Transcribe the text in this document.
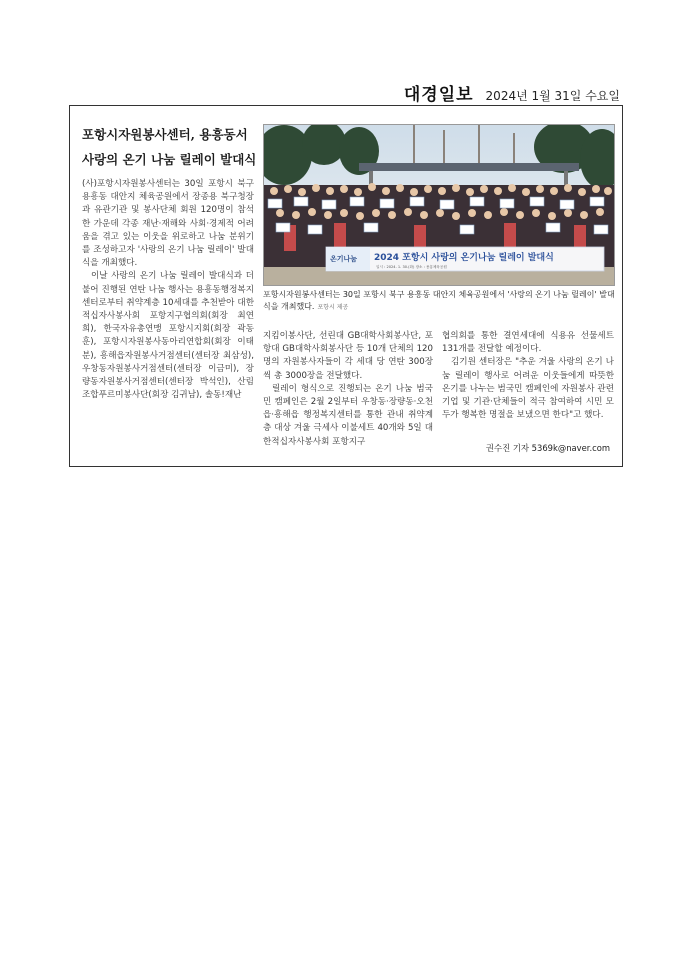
대경일보 2024년 1월 31일 수요일
포항시자원봉사센터, 용흥동서
사랑의 온기 나눔 릴레이 발대식
온기나눔 2024 포항시 사랑의 온기나눔 릴레이 발대식
일시 : 2024. 1. 30.(화) 장소 : 용흥체육공원
포항시자원봉사센터는 30일 포항시 북구 용흥동 대안지 체육공원에서 '사랑의 온기 나눔 릴레이' 발대식을 개최했다. 포항시 제공

(사)포항시자원봉사센터는 30일 포항시 북구 용흥동 대안지 체육공원에서 장종용 북구청장과 유관기관 및 봉사단체 회원 120명이 참석한 가운데 각종 재난·재해와 사회·경제적 어려움을 겪고 있는 이웃을 위로하고 나눔 분위기를 조성하고자 '사랑의 온기 나눔 릴레이' 발대식을 개최했다.

이날 사랑의 온기 나눔 릴레이 발대식과 더불어 진행된 연탄 나눔 행사는 용흥동행정복지센터로부터 취약계층 10세대를 추천받아 대한적십자사봉사회 포항지구협의회(회장 최연희), 한국자유총연맹 포항시지회(회장 곽동훈), 포항시자원봉사동아리연합회(회장 이태분), 흥해읍자원봉사거점센터(센터장 최삼성), 우창동자원봉사거점센터(센터장 이금미), 장량동자원봉사거점센터(센터장 박석인), 산림조합푸르미봉사단(회장 김귀남), 솔동!재난

지킴이봉사단, 선린대 GB대학사회봉사단, 포항대 GB대학사회봉사단 등 10개 단체의 120명의 자원봉사자들이 각 세대 당 연탄 300장씩 총 3000장을 전달했다.

릴레이 형식으로 진행되는 온기 나눔 범국민 캠페인은 2월 2일부터 우창동·장량동·오천읍·흥해읍 행정복지센터를 통한 관내 취약계층 대상 겨울 극세사 이불세트 40개와 5일 대한적십자사봉사회 포항지구

협의회를 통한 결연세대에 식용유 선물세트 131개를 전달할 예정이다.

김기원 센터장은 "추운 겨울 사랑의 온기 나눔 릴레이 행사로 어려운 이웃들에게 따뜻한 온기를 나누는 범국민 캠페인에 자원봉사 관련 기업 및 기관·단체들이 적극 참여하여 시민 모두가 행복한 명절을 보냈으면 한다"고 했다.

권수진 기자 5369k@naver.com
